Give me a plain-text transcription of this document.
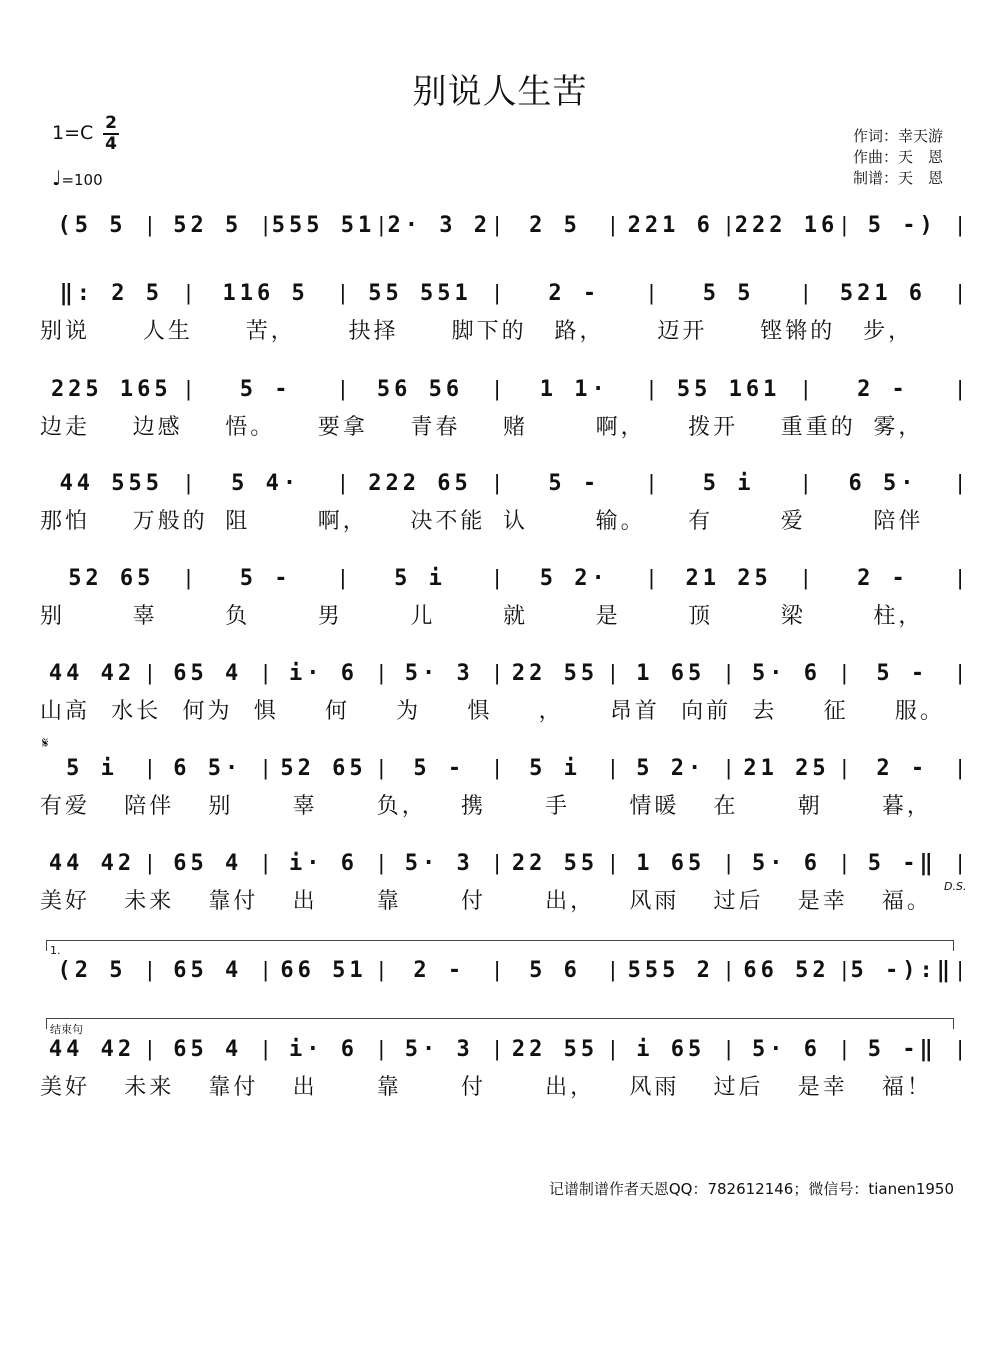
别说人生苦
1=C 2
4
♩=100
作词：幸天游
作曲：天　恩
制谱：天　恩
(5 5 | 52 5 | 555 51 | 2· 3 2 |	2 5	| 221 6 | 222 16 | 5 -) |
‖: 2 5	|	116 5	|	55 551	|	2 -	|	5 5	|	521 6	|
别说	人生	苦，	抉择	脚下的	路，	迈开	铿锵的	步，
225 165 |	5 -	|	56 56	|	1 1·	|	55 161	|	2 -	|
边走	边感	悟。	要拿	青春	赌	啊，	拨开	重重的 雾，
44 555	|	5 4·	|	222 65	|	5 -	|	5 i	|	6 5·	|
那怕	万般的 阻	啊，	决不能 认	输。	有	爱	陪伴
52 65	|	5 -	|	5 i	|	5 2·	|	21 25	|	2 -	|
别	辜	负	男	儿	就	是	顶	梁	柱，
44 42 | 65 4 | i· 6 | 5· 3 | 22 55 | 1 65 | 5· 6 |	5 -	|
山高 水长 何为 惧	何	为	惧	，	昂首 向前 去	征	服。
𝄋
5 i	| 6 5· | 52 65 |	5 -	|	5 i	| 5 2· | 21 25 |	2 -	|
有爱	陪伴	别	辜	负，	携	手	情暖	在	朝	暮，
44 42 | 65 4 | i· 6 | 5· 3 | 22 55 | 1 65 | 5· 6 | 5 -‖ |
美好	未来	靠付	出	靠	付	出，	风雨	过后	是幸	福。
D.S.
1.
(2 5 | 65 4 | 66 51 |	2 -	|	5 6	| 555 2 | 66 52 | 5 -):‖ |
结束句
44 42 | 65 4 | i· 6 | 5· 3 | 22 55 | i 65 | 5· 6 | 5 -‖ |
美好	未来	靠付	出	靠	付	出，	风雨	过后	是幸	福！
记谱制谱作者天恩QQ：782612146；微信号：tianen1950
